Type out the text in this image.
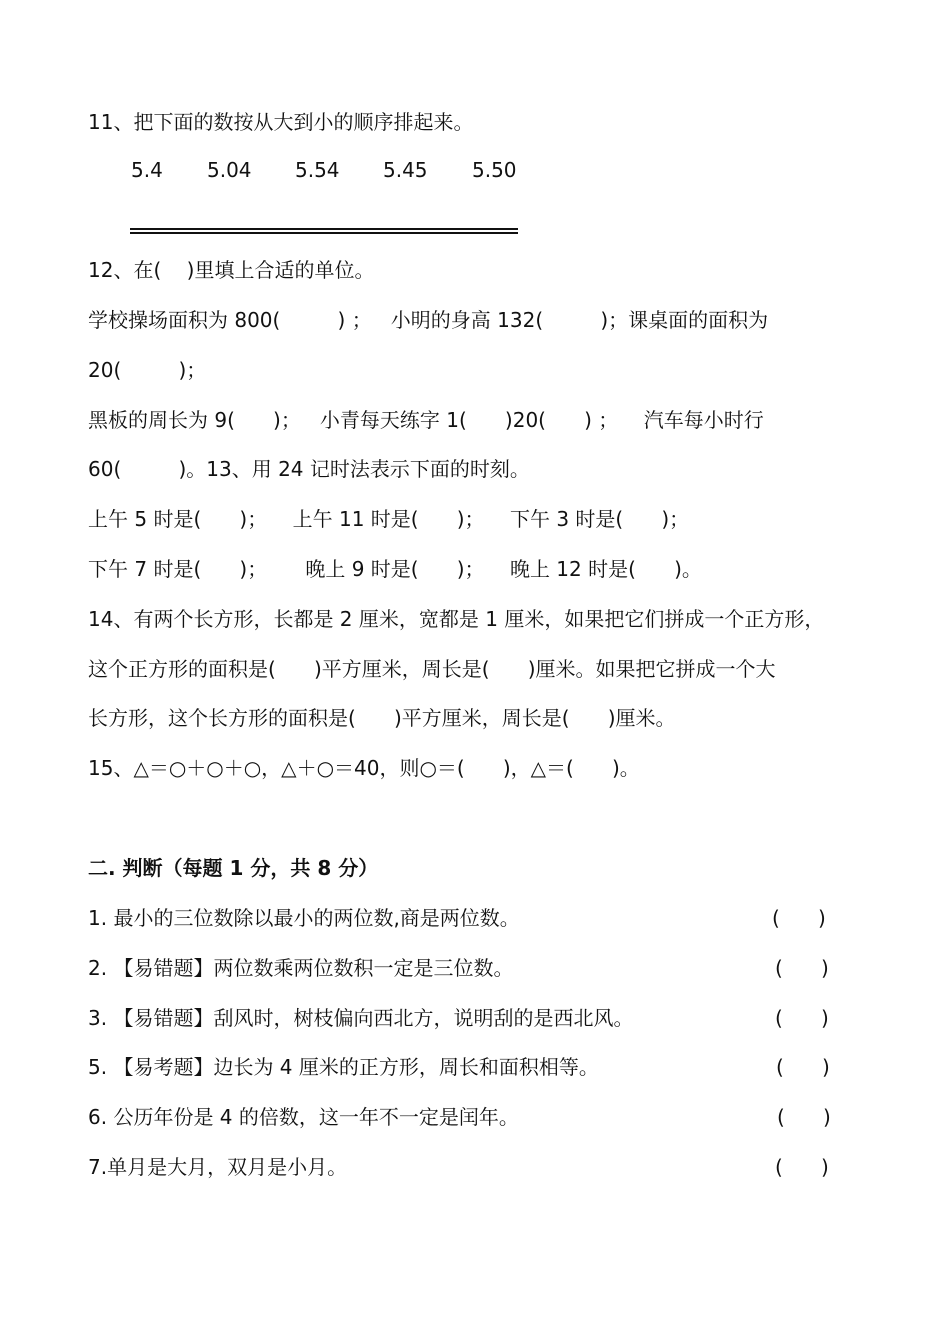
11、把下面的数按从大到小的顺序排起来。

5.4 5.04 5.54 5.45 5.50

12、在(    )里填上合适的单位。

学校操场面积为 800(         ) ；   小明的身高 132(         )；课桌面的面积为

20(         )；

黑板的周长为 9(      )；   小青每天练字 1(      )20(      ) ；    汽车每小时行

60(         )。13、用 24 记时法表示下面的时刻。

上午 5 时是(      )；    上午 11 时是(      )；    下午 3 时是(      )；

下午 7 时是(      )；      晚上 9 时是(      )；    晚上 12 时是(      )。

14、有两个长方形，长都是 2 厘米，宽都是 1 厘米，如果把它们拼成一个正方形，

这个正方形的面积是(      )平方厘米，周长是(      )厘米。如果把它拼成一个大

长方形，这个长方形的面积是(      )平方厘米，周长是(      )厘米。

15、△＝○＋○＋○，△＋○＝40，则○＝(      )，△＝(      )。

二. 判断（每题 1 分，共 8 分）

1. 最小的三位数除以最小的两位数,商是两位数。	(      )

2. 【易错题】两位数乘两位数积一定是三位数。	(      )

3. 【易错题】刮风时，树枝偏向西北方，说明刮的是西北风。	(      )

5. 【易考题】边长为 4 厘米的正方形，周长和面积相等。	(      )

6. 公历年份是 4 的倍数，这一年不一定是闰年。	(      )

7.单月是大月，双月是小月。	(      )
